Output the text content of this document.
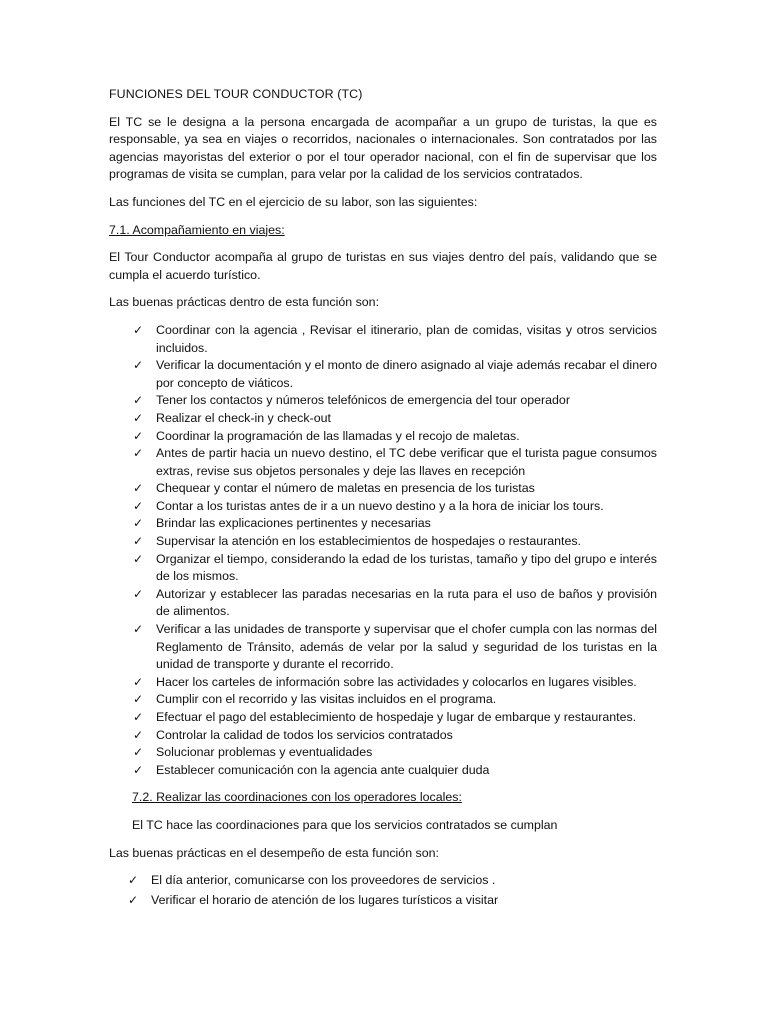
FUNCIONES DEL TOUR CONDUCTOR (TC)

El TC se le designa a la persona encargada de acompañar a un grupo de turistas, la que es responsable, ya sea en viajes o recorridos, nacionales o internacionales. Son contratados por las agencias mayoristas del exterior o por el tour operador nacional, con el fin de supervisar que los programas de visita se cumplan, para velar por la calidad de los servicios contratados.

Las funciones del TC en el ejercicio de su labor, son las siguientes:

7.1. Acompañamiento en viajes:

El Tour Conductor acompaña al grupo de turistas en sus viajes dentro del país, validando que se cumpla el acuerdo turístico.

Las buenas prácticas dentro de esta función son:

✓ Coordinar con la agencia , Revisar el itinerario, plan de comidas, visitas y otros servicios incluidos.
✓ Verificar la documentación y el monto de dinero asignado al viaje además recabar el dinero por concepto de viáticos.
✓ Tener los contactos y números telefónicos de emergencia del tour operador
✓ Realizar el check-in y check-out
✓ Coordinar la programación de las llamadas y el recojo de maletas.
✓ Antes de partir hacia un nuevo destino, el TC debe verificar que el turista pague consumos extras, revise sus objetos personales y deje las llaves en recepción
✓ Chequear y contar el número de maletas en presencia de los turistas
✓ Contar a los turistas antes de ir a un nuevo destino y a la hora de iniciar los tours.
✓ Brindar las explicaciones pertinentes y necesarias
✓ Supervisar la atención en los establecimientos de hospedajes o restaurantes.
✓ Organizar el tiempo, considerando la edad de los turistas, tamaño y tipo del grupo e interés de los mismos.
✓ Autorizar y establecer las paradas necesarias en la ruta para el uso de baños y provisión de alimentos.
✓ Verificar a las unidades de transporte y supervisar que el chofer cumpla con las normas del Reglamento de Tránsito, además de velar por la salud y seguridad de los turistas en la unidad de transporte y durante el recorrido.
✓ Hacer los carteles de información sobre las actividades y colocarlos en lugares visibles.
✓ Cumplir con el recorrido y las visitas incluidos en el programa.
✓ Efectuar el pago del establecimiento de hospedaje y lugar de embarque y restaurantes.
✓ Controlar la calidad de todos los servicios contratados
✓ Solucionar problemas y eventualidades
✓ Establecer comunicación con la agencia ante cualquier duda

7.2. Realizar las coordinaciones con los operadores locales:

El TC hace las coordinaciones para que los servicios contratados se cumplan

Las buenas prácticas en el desempeño de esta función son:

✓ El día anterior, comunicarse con los proveedores de servicios .
✓ Verificar el horario de atención de los lugares turísticos a visitar
